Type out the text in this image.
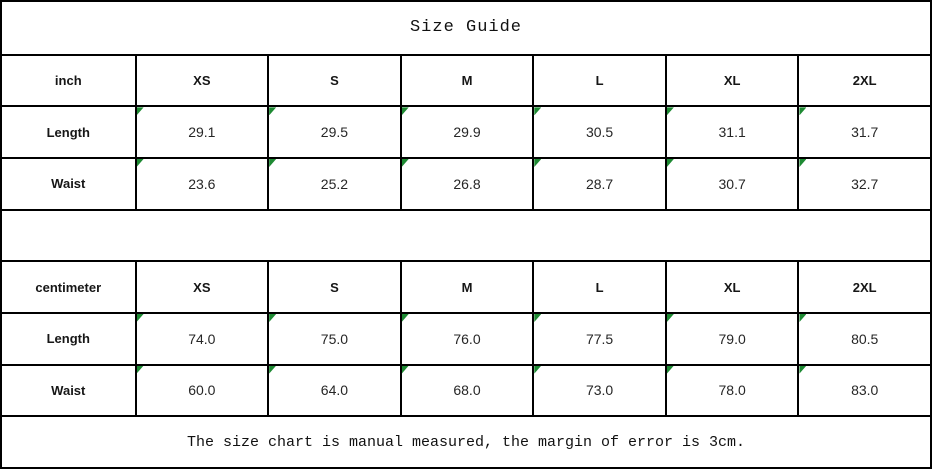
Size Guide
inch	XS	S	M	L	XL	2XL
Length	29.1	29.5	29.9	30.5	31.1	31.7
Waist	23.6	25.2	26.8	28.7	30.7	32.7
centimeter	XS	S	M	L	XL	2XL
Length	74.0	75.0	76.0	77.5	79.0	80.5
Waist	60.0	64.0	68.0	73.0	78.0	83.0
The size chart is manual measured, the margin of error is 3cm.
